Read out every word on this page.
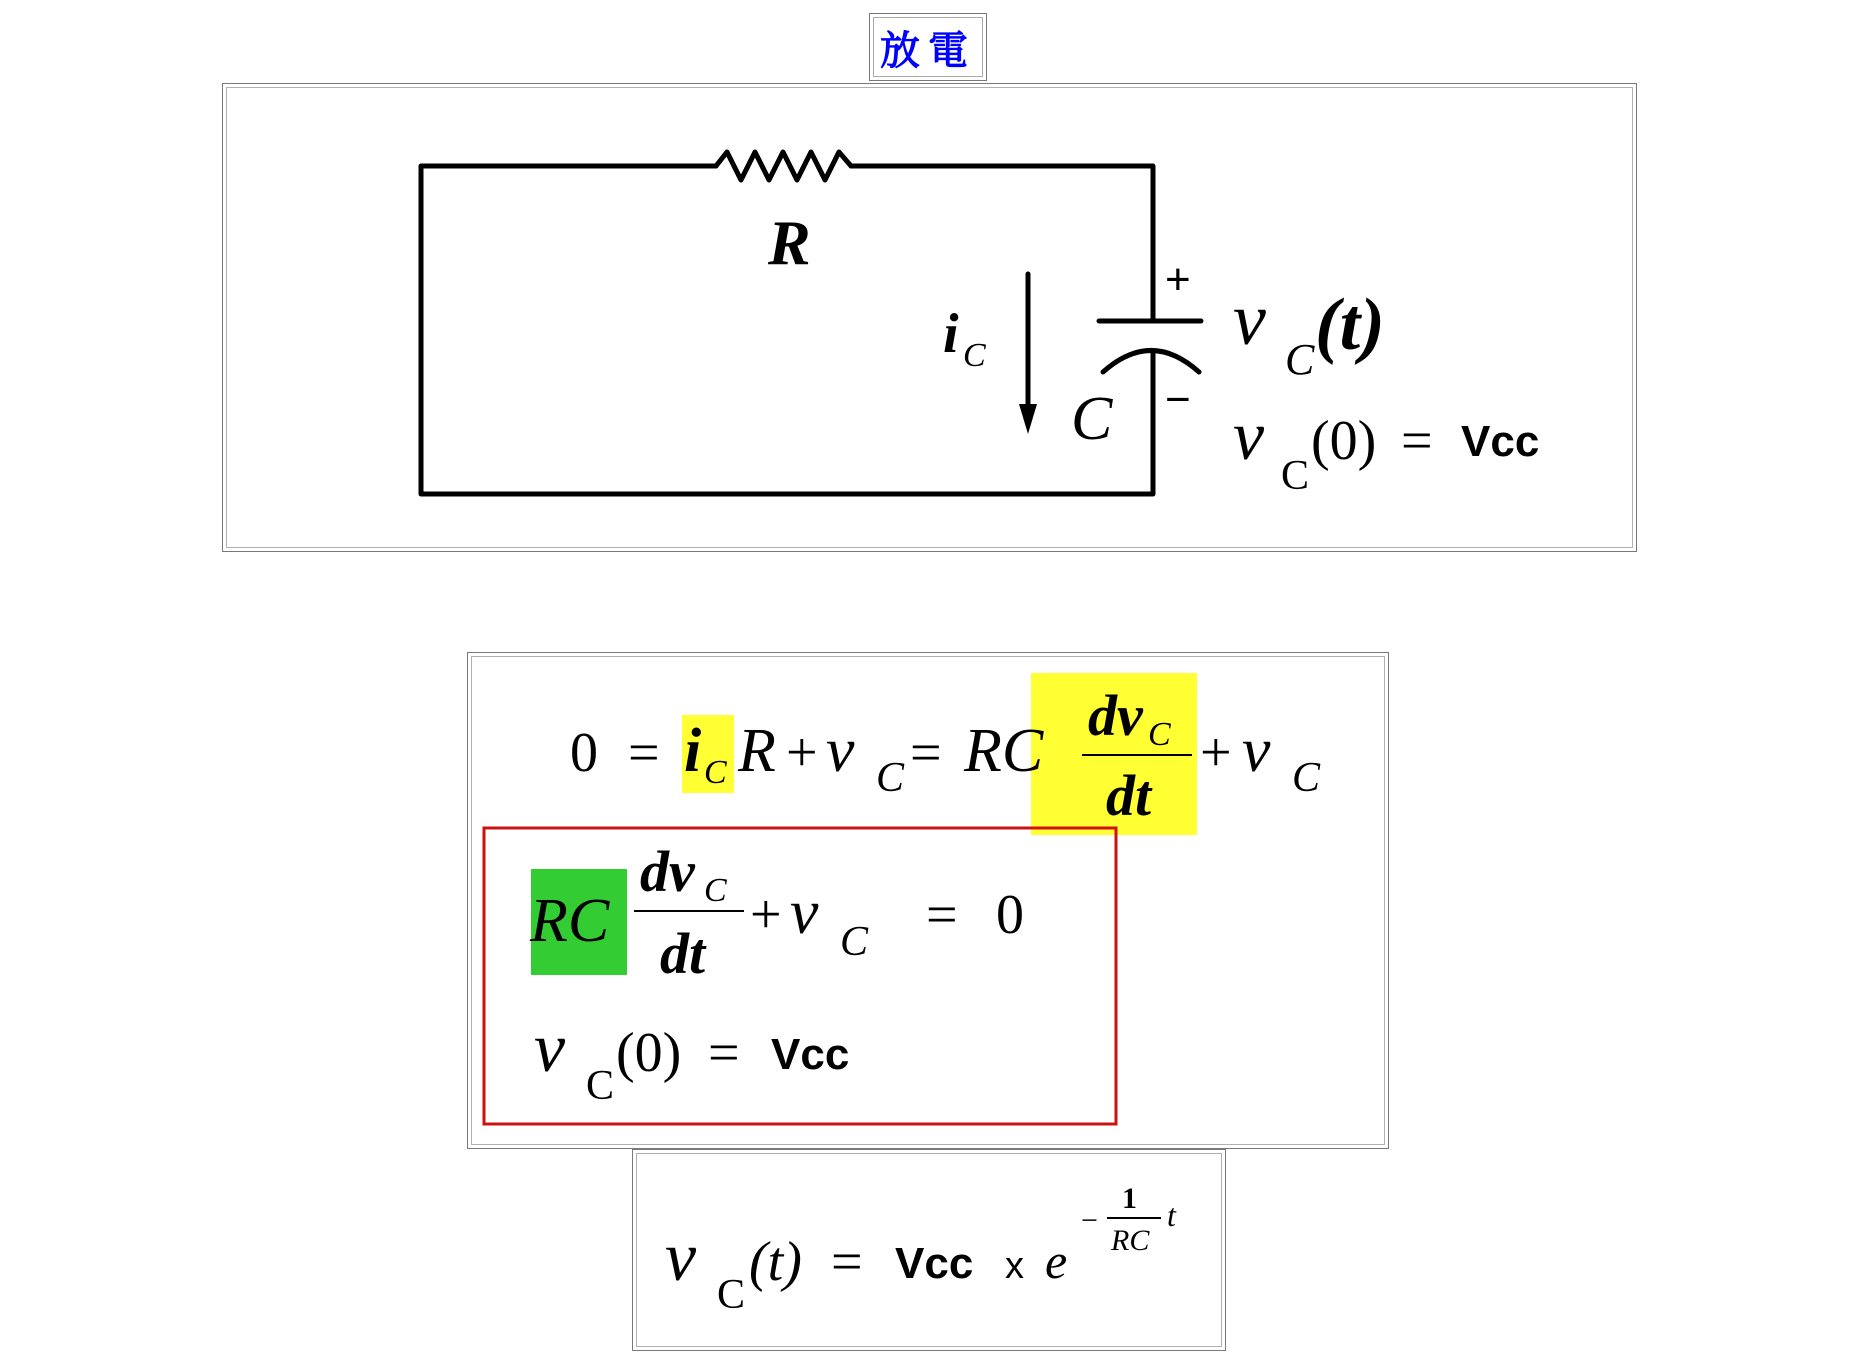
放電
R
C
i C
+
−
v C (t)
v
C
(0) = Vcc
0 = i C R + v C = RC
dv C
dt
+ v C
RC
dv C
dt
+ v C = 0
v C
(0) = Vcc
v C
(t) = Vcc x e
−
1
RC
t
